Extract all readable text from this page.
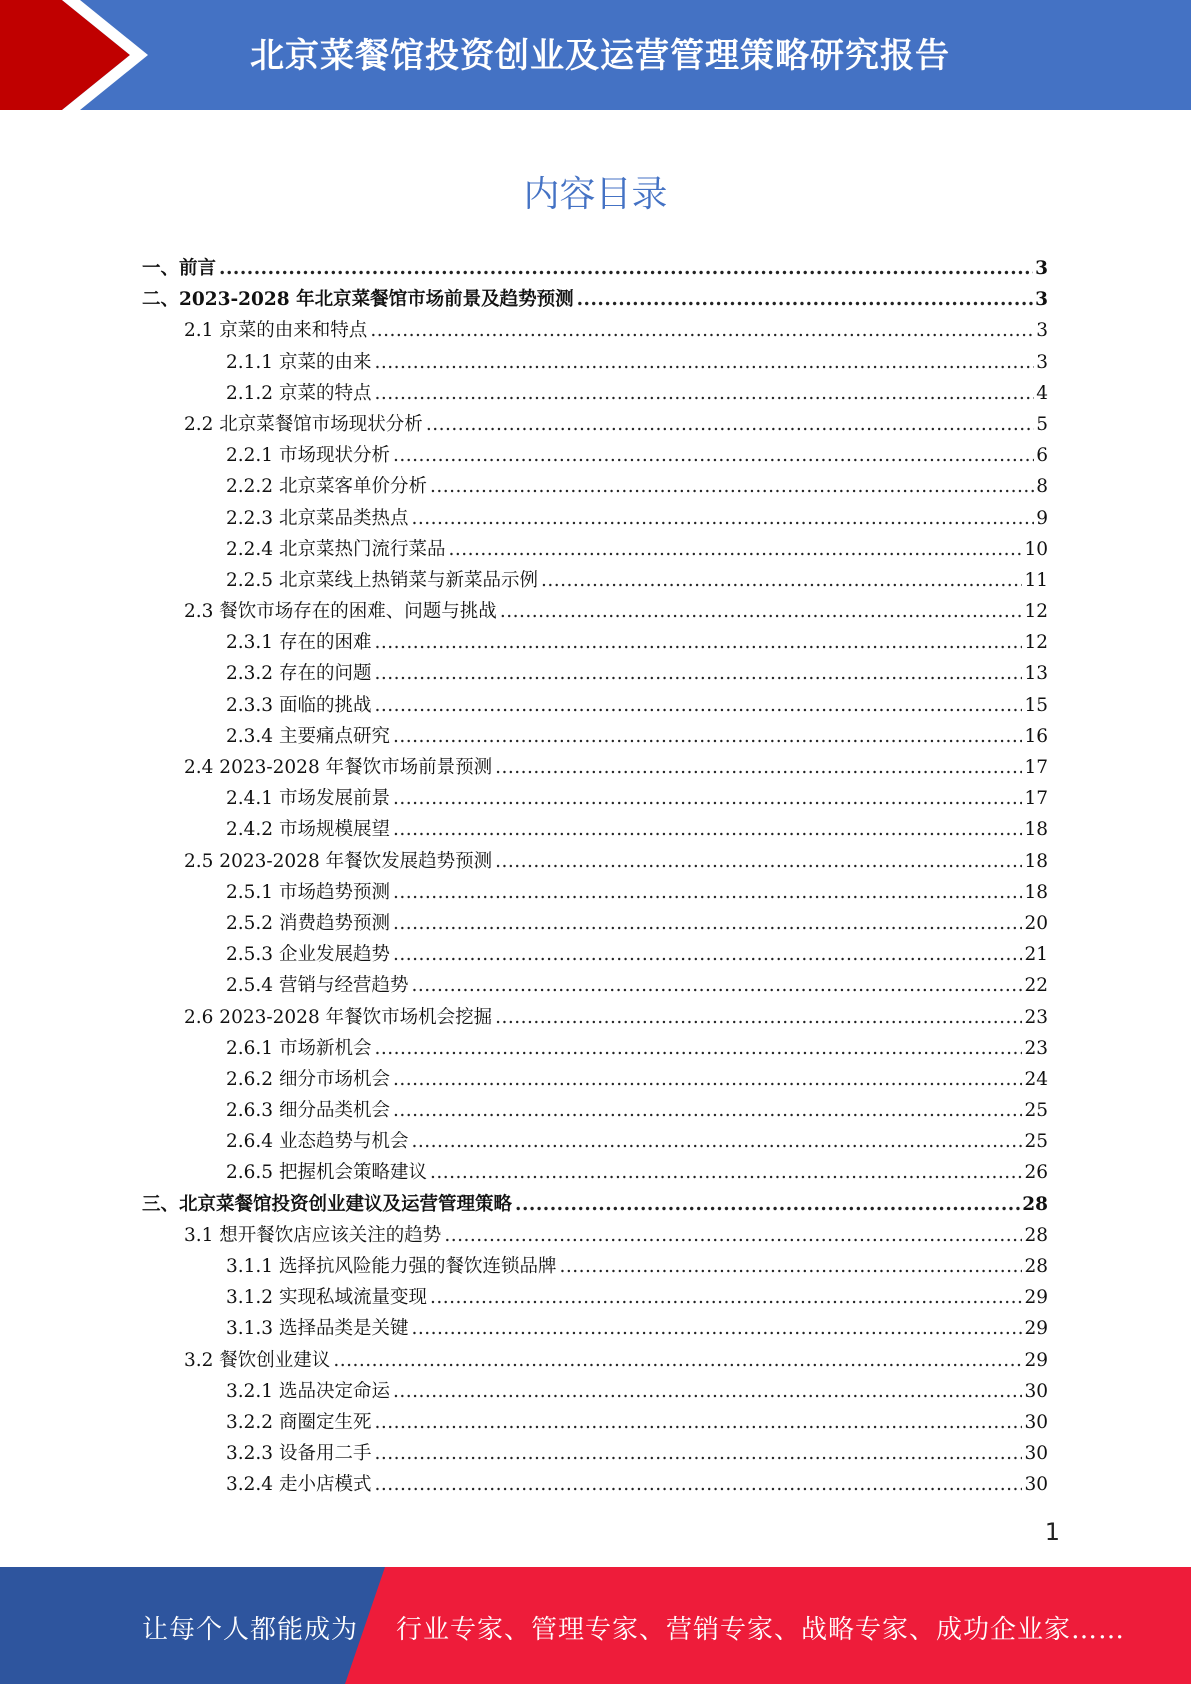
北京菜餐馆投资创业及运营管理策略研究报告
内容目录
一、前言 .....	3
二、2023-2028 年北京菜餐馆市场前景及趋势预测 .....	3
2.1 京菜的由来和特点 .....	3
2.1.1 京菜的由来 .....	3
2.1.2 京菜的特点 .....	4
2.2 北京菜餐馆市场现状分析 .....	5
2.2.1 市场现状分析 .....	6
2.2.2 北京菜客单价分析 .....	8
2.2.3 北京菜品类热点 .....	9
2.2.4 北京菜热门流行菜品 .....	10
2.2.5 北京菜线上热销菜与新菜品示例 .....	11
2.3 餐饮市场存在的困难、问题与挑战 .....	12
2.3.1 存在的困难 .....	12
2.3.2 存在的问题 .....	13
2.3.3 面临的挑战 .....	15
2.3.4 主要痛点研究 .....	16
2.4 2023-2028 年餐饮市场前景预测 .....	17
2.4.1 市场发展前景 .....	17
2.4.2 市场规模展望 .....	18
2.5 2023-2028 年餐饮发展趋势预测 .....	18
2.5.1 市场趋势预测 .....	18
2.5.2 消费趋势预测 .....	20
2.5.3 企业发展趋势 .....	21
2.5.4 营销与经营趋势 .....	22
2.6 2023-2028 年餐饮市场机会挖掘 .....	23
2.6.1 市场新机会 .....	23
2.6.2 细分市场机会 .....	24
2.6.3 细分品类机会 .....	25
2.6.4 业态趋势与机会 .....	25
2.6.5 把握机会策略建议 .....	26
三、北京菜餐馆投资创业建议及运营管理策略 .....	28
3.1 想开餐饮店应该关注的趋势 .....	28
3.1.1 选择抗风险能力强的餐饮连锁品牌 .....	28
3.1.2 实现私域流量变现 .....	29
3.1.3 选择品类是关键 .....	29
3.2 餐饮创业建议 .....	29
3.2.1 选品决定命运 .....	30
3.2.2 商圈定生死 .....	30
3.2.3 设备用二手 .....	30
3.2.4 走小店模式 .....	30
1
让每个人都能成为 行业专家、管理专家、营销专家、战略专家、成功企业家……
